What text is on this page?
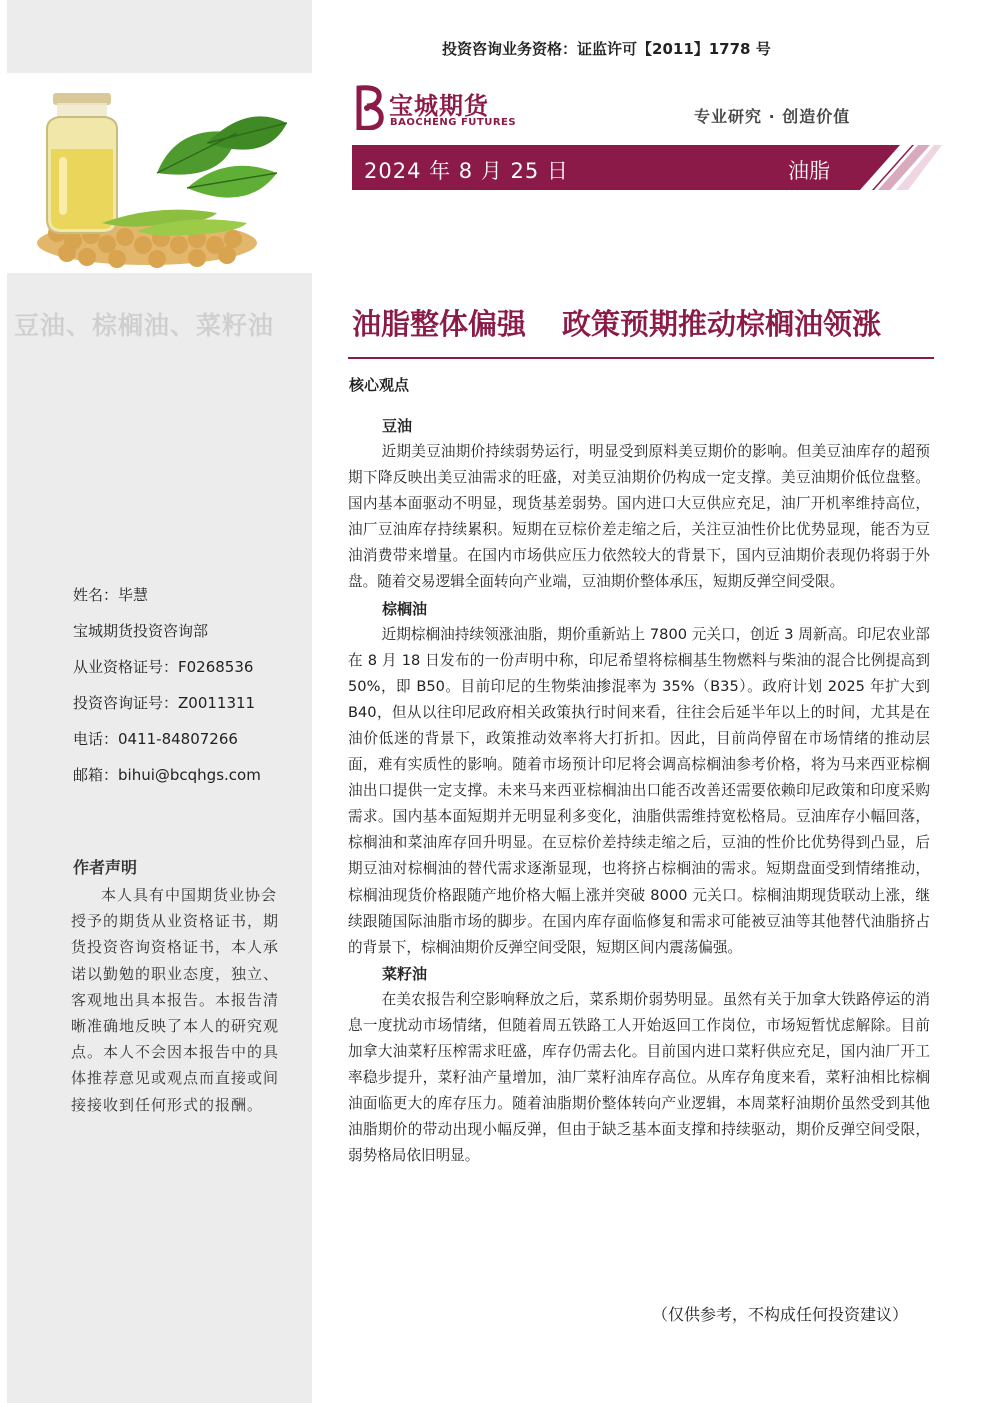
豆油、棕榈油、菜籽油
姓名：毕慧
宝城期货投资咨询部
从业资格证号：F0268536
投资咨询证号：Z0011311
电话：0411-84807266
邮箱：bihui@bcqhgs.com
作者声明
本人具有中国期货业协会授予的期货从业资格证书，期货投资咨询资格证书，本人承诺以勤勉的职业态度，独立、客观地出具本报告。本报告清晰准确地反映了本人的研究观点。本人不会因本报告中的具体推荐意见或观点而直接或间接接收到任何形式的报酬。
投资咨询业务资格：证监许可【2011】1778 号
宝城期货
BAOCHENG FUTURES	专业研究 · 创造价值
2024 年 8 月 25 日	油脂
油脂整体偏强 政策预期推动棕榈油领涨
核心观点
豆油

近期美豆油期价持续弱势运行，明显受到原料美豆期价的影响。但美豆油库存的超预期下降反映出美豆油需求的旺盛，对美豆油期价仍构成一定支撑。美豆油期价低位盘整。国内基本面驱动不明显，现货基差弱势。国内进口大豆供应充足，油厂开机率维持高位，油厂豆油库存持续累积。短期在豆棕价差走缩之后，关注豆油性价比优势显现，能否为豆油消费带来增量。在国内市场供应压力依然较大的背景下，国内豆油期价表现仍将弱于外盘。随着交易逻辑全面转向产业端，豆油期价整体承压，短期反弹空间受限。

棕榈油

近期棕榈油持续领涨油脂，期价重新站上 7800 元关口，创近 3 周新高。印尼农业部在 8 月 18 日发布的一份声明中称，印尼希望将棕榈基生物燃料与柴油的混合比例提高到 50%，即 B50。目前印尼的生物柴油掺混率为 35%（B35）。政府计划 2025 年扩大到 B40，但从以往印尼政府相关政策执行时间来看，往往会后延半年以上的时间，尤其是在油价低迷的背景下，政策推动效率将大打折扣。因此，目前尚停留在市场情绪的推动层面，难有实质性的影响。随着市场预计印尼将会调高棕榈油参考价格，将为马来西亚棕榈油出口提供一定支撑。未来马来西亚棕榈油出口能否改善还需要依赖印尼政策和印度采购需求。国内基本面短期并无明显利多变化，油脂供需维持宽松格局。豆油库存小幅回落，棕榈油和菜油库存回升明显。在豆棕价差持续走缩之后，豆油的性价比优势得到凸显，后期豆油对棕榈油的替代需求逐渐显现，也将挤占棕榈油的需求。短期盘面受到情绪推动，棕榈油现货价格跟随产地价格大幅上涨并突破 8000 元关口。棕榈油期现货联动上涨，继续跟随国际油脂市场的脚步。在国内库存面临修复和需求可能被豆油等其他替代油脂挤占的背景下，棕榈油期价反弹空间受限，短期区间内震荡偏强。

菜籽油

在美农报告利空影响释放之后，菜系期价弱势明显。虽然有关于加拿大铁路停运的消息一度扰动市场情绪，但随着周五铁路工人开始返回工作岗位，市场短暂忧虑解除。目前加拿大油菜籽压榨需求旺盛，库存仍需去化。目前国内进口菜籽供应充足，国内油厂开工率稳步提升，菜籽油产量增加，油厂菜籽油库存高位。从库存角度来看，菜籽油相比棕榈油面临更大的库存压力。随着油脂期价整体转向产业逻辑，本周菜籽油期价虽然受到其他油脂期价的带动出现小幅反弹，但由于缺乏基本面支撑和持续驱动，期价反弹空间受限，弱势格局依旧明显。

（仅供参考，不构成任何投资建议）
